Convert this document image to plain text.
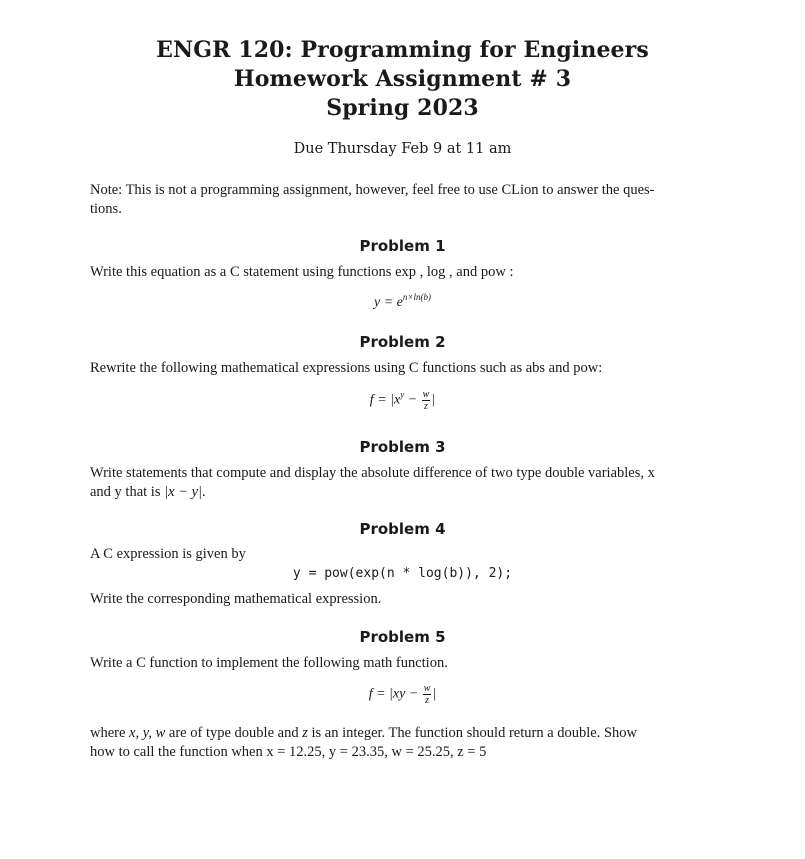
ENGR 120: Programming for Engineers
Homework Assignment # 3
Spring 2023
Due Thursday Feb 9 at 11 am
Note: This is not a programming assignment, however, feel free to use CLion to answer the ques-
tions.
Problem 1
Write this equation as a C statement using functions exp , log , and pow :
$y = e^{n\times ln(b)}$
Problem 2
Rewrite the following mathematical expressions using C functions such as abs and pow:
$f = |x^y - \frac{w}{z}$ |
Problem 3
Write statements that compute and display the absolute difference of two type double variables, x
and y that is |x − y|.
Problem 4
A C expression is given by
y = pow(exp(n * log(b)), 2);
Write the corresponding mathematical expression.
Problem 5
Write a C function to implement the following math function.
$f = |xy - \frac{w}{z}$ |
where x, y, w are of type double and z is an integer. The function should return a double. Show
how to call the function when x = 12.25, y = 23.35, w = 25.25, z = 5
